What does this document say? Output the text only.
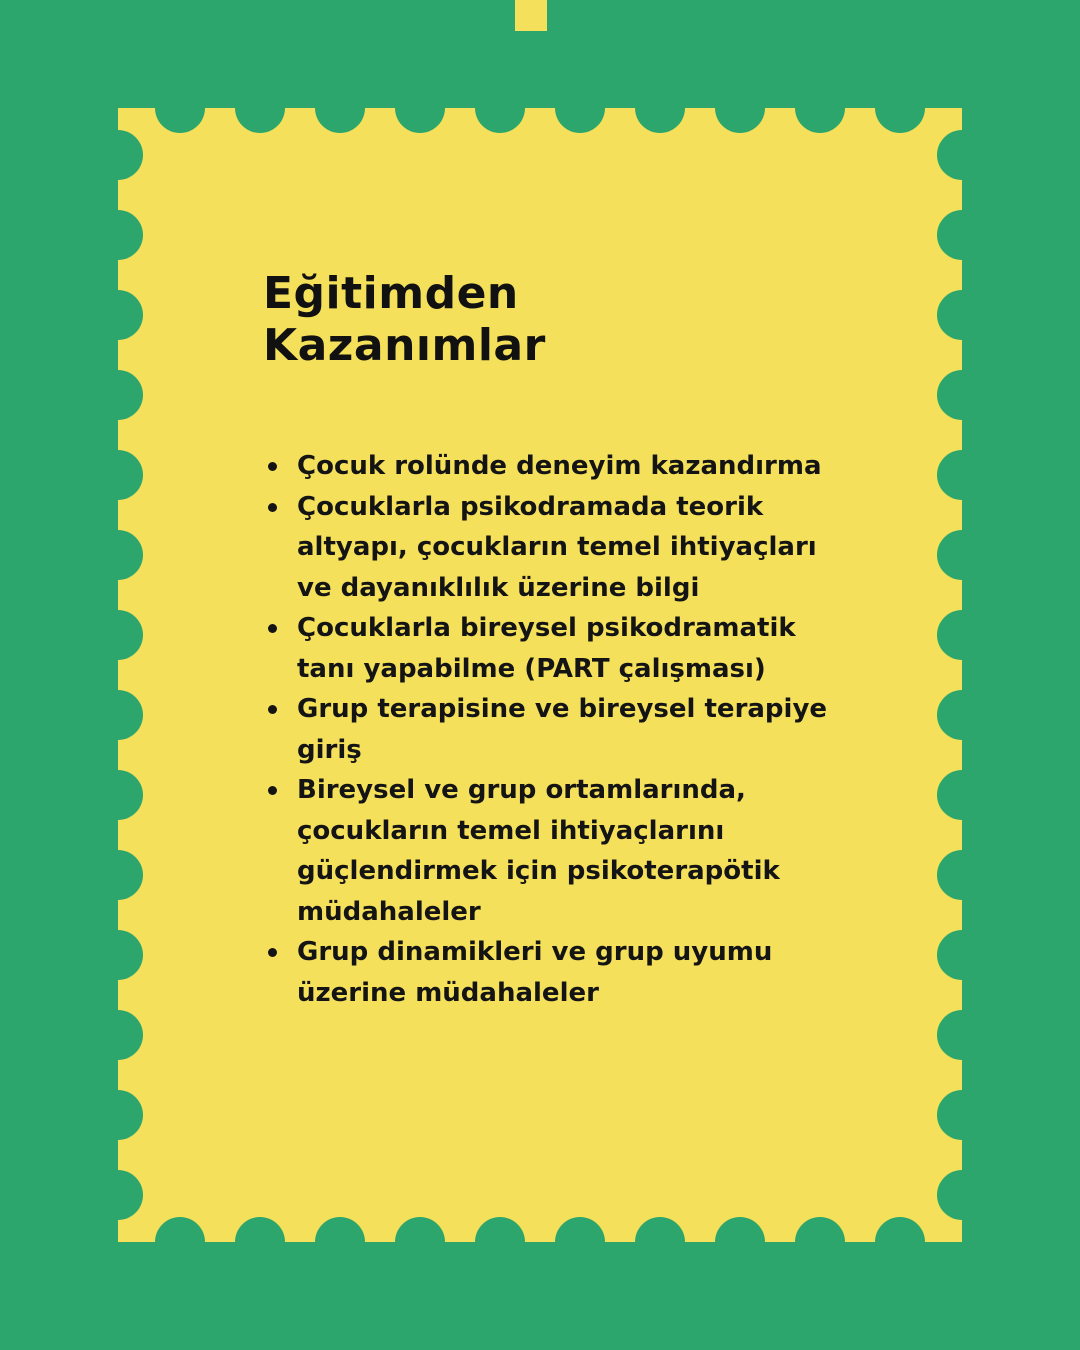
Eğitimden
Kazanımlar
Çocuk rolünde deneyim kazandırma
Çocuklarla psikodramada teorik altyapı, çocukların temel ihtiyaçları ve dayanıklılık üzerine bilgi
Çocuklarla bireysel psikodramatik tanı yapabilme (PART çalışması)
Grup terapisine ve bireysel terapiye giriş
Bireysel ve grup ortamlarında, çocukların temel ihtiyaçlarını güçlendirmek için psikoterapötik müdahaleler
Grup dinamikleri ve grup uyumu üzerine müdahaleler
